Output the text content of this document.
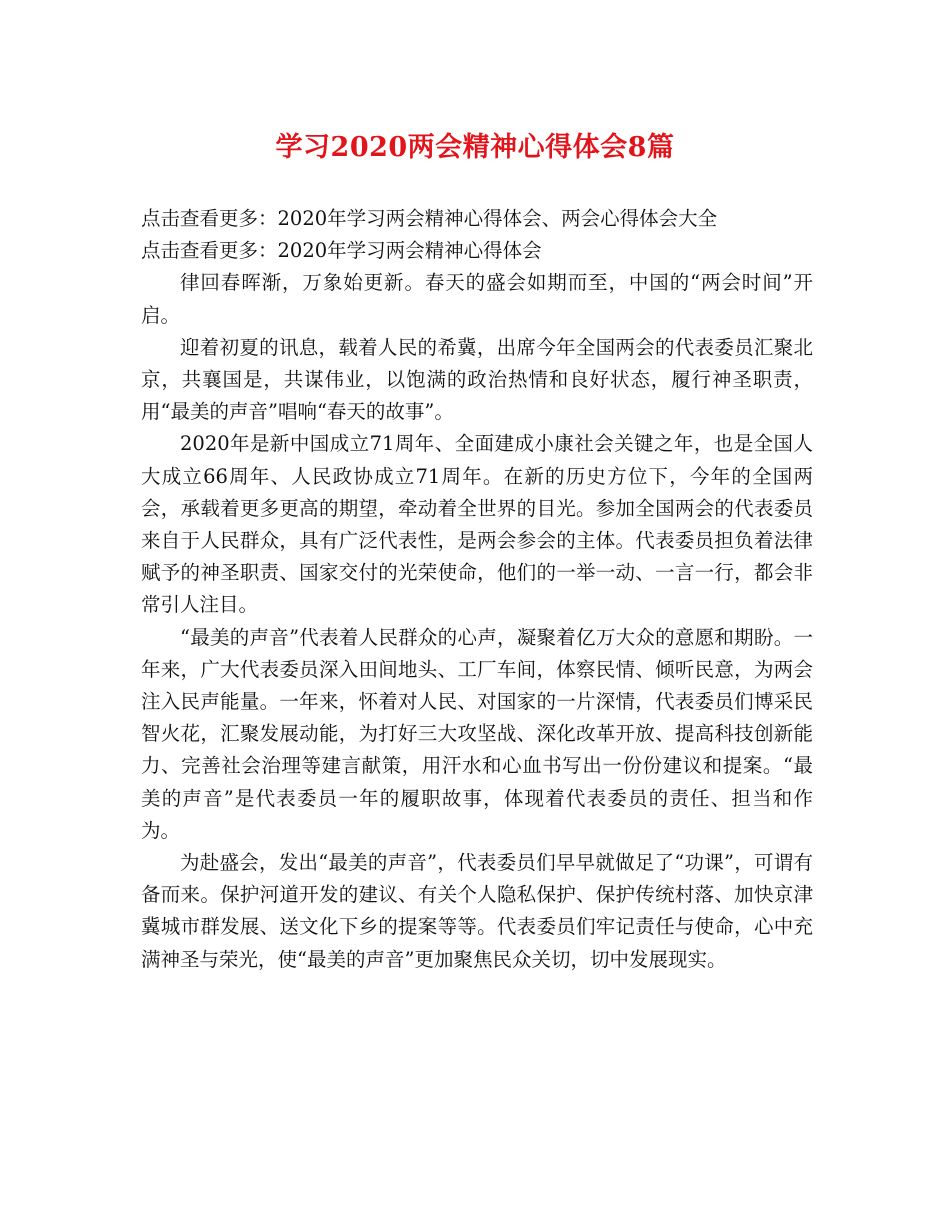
学习2020两会精神心得体会8篇

点击查看更多：2020年学习两会精神心得体会、两会心得体会大全

点击查看更多：2020年学习两会精神心得体会

律回春晖渐，万象始更新。春天的盛会如期而至，中国的“两会时间”开启。

迎着初夏的讯息，载着人民的希冀，出席今年全国两会的代表委员汇聚北京，共襄国是，共谋伟业，以饱满的政治热情和良好状态，履行神圣职责，用“最美的声音”唱响“春天的故事”。

2020年是新中国成立71周年、全面建成小康社会关键之年，也是全国人大成立66周年、人民政协成立71周年。在新的历史方位下，今年的全国两会，承载着更多更高的期望，牵动着全世界的目光。参加全国两会的代表委员来自于人民群众，具有广泛代表性，是两会参会的主体。代表委员担负着法律赋予的神圣职责、国家交付的光荣使命，他们的一举一动、一言一行，都会非常引人注目。

“最美的声音”代表着人民群众的心声，凝聚着亿万大众的意愿和期盼。一年来，广大代表委员深入田间地头、工厂车间，体察民情、倾听民意，为两会注入民声能量。一年来，怀着对人民、对国家的一片深情，代表委员们博采民智火花，汇聚发展动能，为打好三大攻坚战、深化改革开放、提高科技创新能力、完善社会治理等建言献策，用汗水和心血书写出一份份建议和提案。“最美的声音”是代表委员一年的履职故事，体现着代表委员的责任、担当和作为。

为赴盛会，发出“最美的声音”，代表委员们早早就做足了“功课”，可谓有备而来。保护河道开发的建议、有关个人隐私保护、保护传统村落、加快京津冀城市群发展、送文化下乡的提案等等。代表委员们牢记责任与使命，心中充满神圣与荣光，使“最美的声音”更加聚焦民众关切，切中发展现实。
